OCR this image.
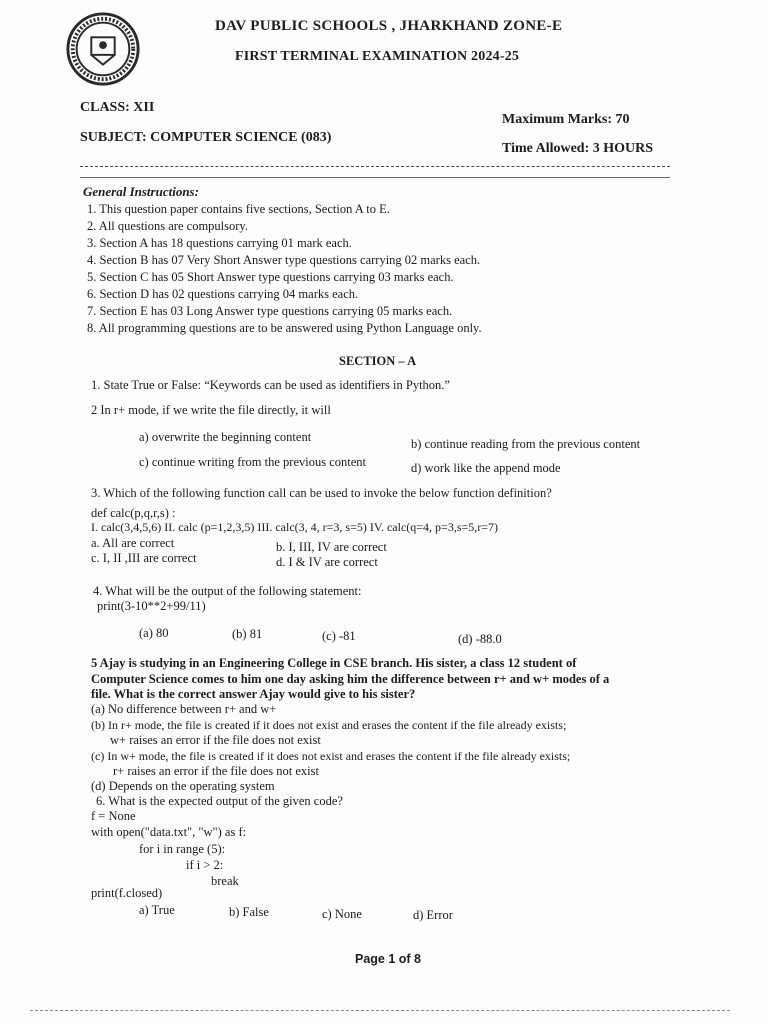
DAV PUBLIC SCHOOLS , JHARKHAND ZONE-E
FIRST TERMINAL EXAMINATION 2024-25
CLASS: XII
SUBJECT: COMPUTER SCIENCE (083)
Maximum Marks: 70
Time Allowed: 3 HOURS
General Instructions:
1. This question paper contains five sections, Section A to E.
2. All questions are compulsory.
3. Section A has 18 questions carrying 01 mark each.
4. Section B has 07 Very Short Answer type questions carrying 02 marks each.
5. Section C has 05 Short Answer type questions carrying 03 marks each.
6. Section D has 02 questions carrying 04 marks each.
7. Section E has 03 Long Answer type questions carrying 05 marks each.
8. All programming questions are to be answered using Python Language only.
SECTION – A
1. State True or False: “Keywords can be used as identifiers in Python.”
2 In r+ mode, if we write the file directly, it will
a) overwrite the beginning content	b) continue reading from the previous content
c) continue writing from the previous content	d) work like the append mode
3. Which of the following function call can be used to invoke the below function definition?
def calc(p,q,r,s) :
I. calc(3,4,5,6) II. calc (p=1,2,3,5) III. calc(3, 4, r=3, s=5) IV. calc(q=4, p=3,s=5,r=7)
a. All are correct	b. I, III, IV are correct
c. I, II ,III are correct	d. I & IV are correct
4. What will be the output of the following statement:
print(3-10**2+99/11)
(a) 80	(b) 81	(c) -81	(d) -88.0
5 Ajay is studying in an Engineering College in CSE branch. His sister, a class 12 student of
Computer Science comes to him one day asking him the difference between r+ and w+ modes of a
file. What is the correct answer Ajay would give to his sister?
(a) No difference between r+ and w+
(b) In r+ mode, the file is created if it does not exist and erases the content if the file already exists;
w+ raises an error if the file does not exist
(c) In w+ mode, the file is created if it does not exist and erases the content if the file already exists;
r+ raises an error if the file does not exist
(d) Depends on the operating system
6. What is the expected output of the given code?
f = None
with open("data.txt", "w") as f:
for i in range (5):
if i > 2:
break
print(f.closed)
a) True	b) False	c) None	d) Error
Page 1 of 8
